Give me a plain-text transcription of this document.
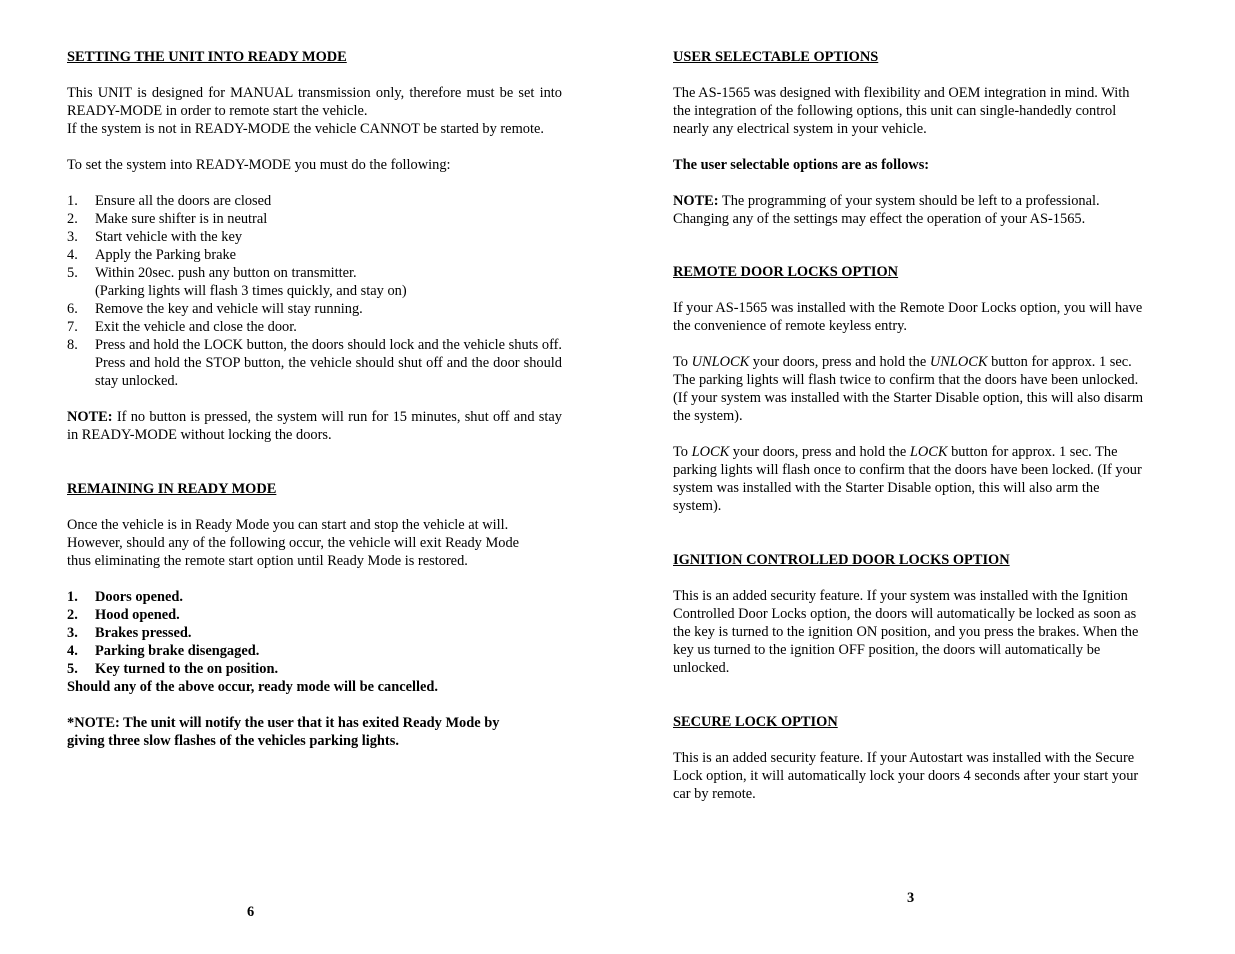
SETTING THE UNIT INTO READY MODE
This UNIT is designed for MANUAL transmission only, therefore must be set into READY-MODE in order to remote start the vehicle.
If the system is not in READY-MODE the vehicle CANNOT be started by remote.
To set the system into READY-MODE you must do the following:
1. Ensure all the doors are closed
2. Make sure shifter is in neutral
3. Start vehicle with the key
4. Apply the Parking brake
5. Within 20sec. push any button on transmitter.
(Parking lights will flash 3 times quickly, and stay on)
6. Remove the key and vehicle will stay running.
7. Exit the vehicle and close the door.
8. Press and hold the LOCK button, the doors should lock and the vehicle shuts off. Press and hold the STOP button, the vehicle should shut off and the door should stay unlocked.
NOTE: If no button is pressed, the system will run for 15 minutes, shut off and stay in READY-MODE without locking the doors.
REMAINING IN READY MODE
Once the vehicle is in Ready Mode you can start and stop the vehicle at will.
However, should any of the following occur, the vehicle will exit Ready Mode
thus eliminating the remote start option until Ready Mode is restored.
1. Doors opened.
2. Hood opened.
3. Brakes pressed.
4. Parking brake disengaged.
5. Key turned to the on position.
Should any of the above occur, ready mode will be cancelled.
*NOTE: The unit will notify the user that it has exited Ready Mode by
giving three slow flashes of the vehicles parking lights.
6
USER SELECTABLE OPTIONS
The AS-1565 was designed with flexibility and OEM integration in mind. With
the integration of the following options, this unit can single-handedly control
nearly any electrical system in your vehicle.
The user selectable options are as follows:
NOTE: The programming of your system should be left to a professional.
Changing any of the settings may effect the operation of your AS-1565.
REMOTE DOOR LOCKS OPTION
If your AS-1565 was installed with the Remote Door Locks option, you will have
the convenience of remote keyless entry.
To UNLOCK your doors, press and hold the UNLOCK button for approx. 1 sec.
The parking lights will flash twice to confirm that the doors have been unlocked.
(If your system was installed with the Starter Disable option, this will also disarm
the system).
To LOCK your doors, press and hold the LOCK button for approx. 1 sec. The
parking lights will flash once to confirm that the doors have been locked. (If your
system was installed with the Starter Disable option, this will also arm the
system).
IGNITION CONTROLLED DOOR LOCKS OPTION
This is an added security feature. If your system was installed with the Ignition
Controlled Door Locks option, the doors will automatically be locked as soon as
the key is turned to the ignition ON position, and you press the brakes. When the
key us turned to the ignition OFF position, the doors will automatically be
unlocked.
SECURE LOCK OPTION
This is an added security feature. If your Autostart was installed with the Secure
Lock option, it will automatically lock your doors 4 seconds after your start your
car by remote.
3
